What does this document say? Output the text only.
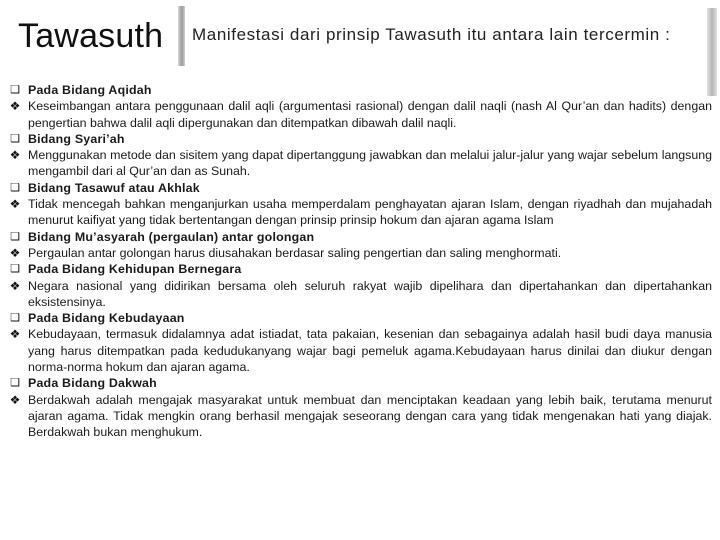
Tawasuth Manifestasi dari prinsip Tawasuth itu antara lain tercermin :
❑ Pada Bidang Aqidah
❖ Keseimbangan antara penggunaan dalil aqli (argumentasi rasional) dengan dalil naqli (nash Al Qur’an dan hadits) dengan pengertian bahwa dalil aqli dipergunakan dan ditempatkan dibawah dalil naqli.
❑ Bidang Syari’ah
❖ Menggunakan metode dan sisitem yang dapat dipertanggung jawabkan dan melalui jalur-jalur yang wajar sebelum langsung mengambil dari al Qur’an dan as Sunah.
❑ Bidang Tasawuf atau Akhlak
❖ Tidak mencegah bahkan menganjurkan usaha memperdalam penghayatan ajaran Islam, dengan riyadhah dan mujahadah menurut kaifiyat yang tidak bertentangan dengan prinsip prinsip hokum dan ajaran agama Islam
❑ Bidang Mu’asyarah (pergaulan) antar golongan
❖ Pergaulan antar golongan harus diusahakan berdasar saling pengertian dan saling menghormati.
❑ Pada Bidang Kehidupan Bernegara
❖ Negara nasional yang didirikan bersama oleh seluruh rakyat wajib dipelihara dan dipertahankan dan dipertahankan eksistensinya.
❑ Pada Bidang Kebudayaan
❖ Kebudayaan, termasuk didalamnya adat istiadat, tata pakaian, kesenian dan sebagainya adalah hasil budi daya manusia yang harus ditempatkan pada kedudukanyang wajar bagi pemeluk agama.Kebudayaan harus dinilai dan diukur dengan norma-norma hokum dan ajaran agama.
❑ Pada Bidang Dakwah
❖ Berdakwah adalah mengajak masyarakat untuk membuat dan menciptakan keadaan yang lebih baik, terutama menurut ajaran agama. Tidak mengkin orang berhasil mengajak seseorang dengan cara yang tidak mengenakan hati yang diajak. Berdakwah bukan menghukum.
